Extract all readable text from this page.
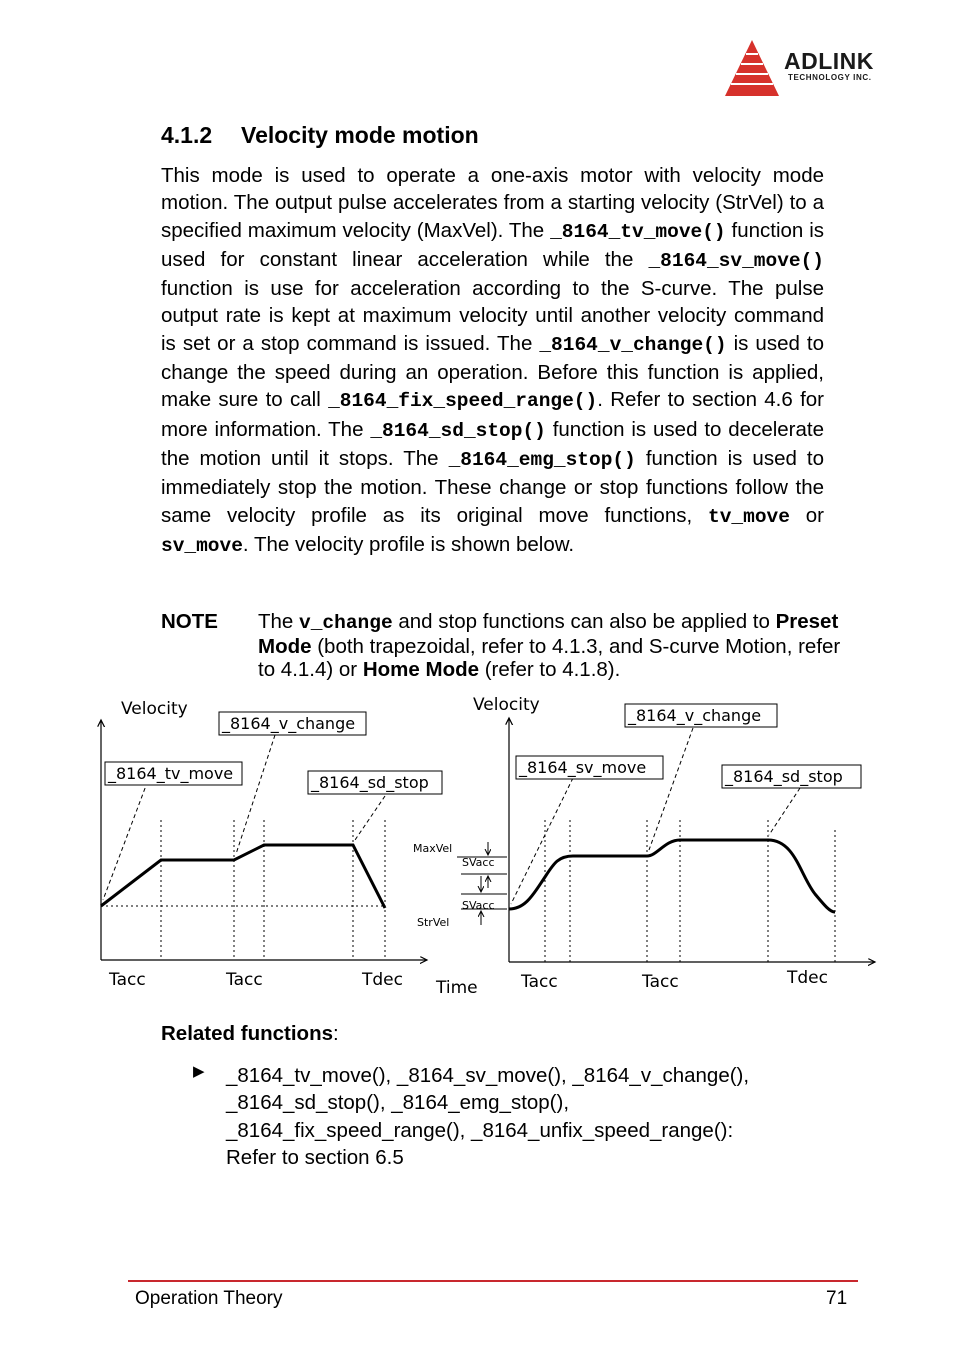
ADLINK
TECHNOLOGY INC.
4.1.2 Velocity mode motion
This mode is used to operate a one-axis motor with velocity mode motion. The output pulse accelerates from a starting velocity (StrVel) to a specified maximum velocity (MaxVel). The _8164_tv_move() function is used for constant linear acceleration while the _8164_sv_move() function is use for acceleration according to the S-curve. The pulse output rate is kept at maximum velocity until another velocity command is set or a stop command is issued. The _8164_v_change() is used to change the speed during an operation. Before this function is applied, make sure to call _8164_fix_speed_range(). Refer to section 4.6 for more information. The _8164_sd_stop() function is used to decelerate the motion until it stops. The _8164_emg_stop() function is used to immediately stop the motion. These change or stop functions follow the same velocity profile as its original move functions, tv_move or sv_move. The velocity profile is shown below.
NOTE The v_change and stop functions can also be applied to Preset Mode (both trapezoidal, refer to 4.1.3, and S-curve Motion, refer to 4.1.4) or Home Mode (refer to 4.1.8).
Velocity
_8164_v_change
_8164_tv_move	_8164_sd_stop
Tacc	Tacc	Tdec Time
MaxVel
SVacc
SVacc
StrVel
Velocity
_8164_v_change
_8164_sv_move	_8164_sd_stop
Tacc	Tacc	Tdec
Related functions:
▶ _8164_tv_move(), _8164_sv_move(), _8164_v_change(),
_8164_sd_stop(), _8164_emg_stop(),
_8164_fix_speed_range(), _8164_unfix_speed_range():
Refer to section 6.5
Operation Theory	71
